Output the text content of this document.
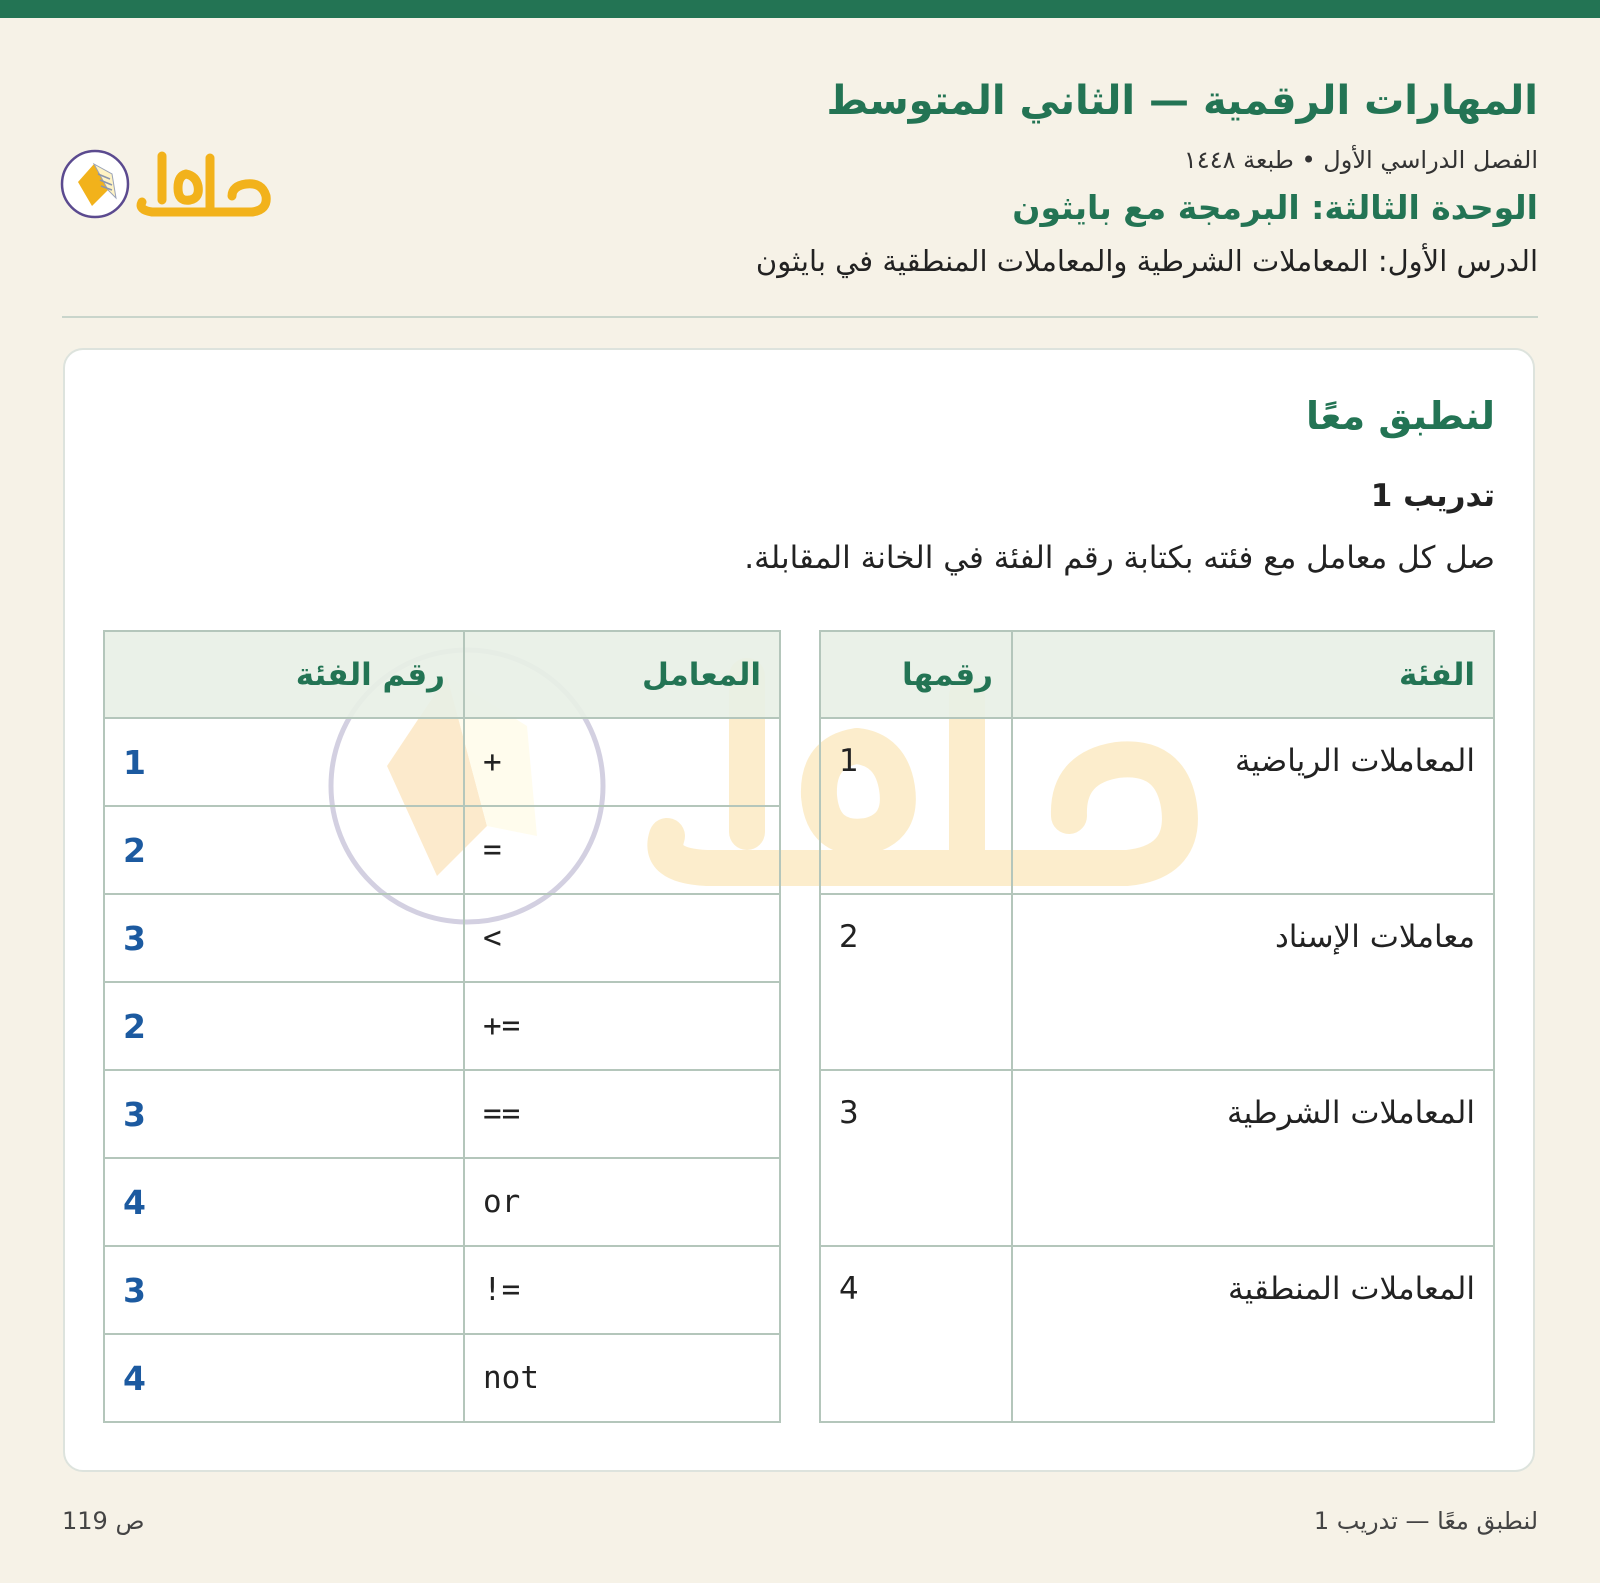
المهارات الرقمية — الثاني المتوسط
الفصل الدراسي الأول • طبعة ١٤٤٨
الوحدة الثالثة: البرمجة مع بايثون
الدرس الأول: المعاملات الشرطية والمعاملات المنطقية في بايثون
لنطبق معًا
تدريب 1

صل كل معامل مع فئته بكتابة رقم الفئة في الخانة المقابلة.

الفئة	رقمها
المعاملات الرياضية	1
معاملات الإسناد	2
المعاملات الشرطية	3
المعاملات المنطقية	4
المعامل	رقم الفئة
+	1
=	2
<	3
+=	2
==	3
or	4
!=	3
not	4
لنطبق معًا — تدريب 1
ص 119
